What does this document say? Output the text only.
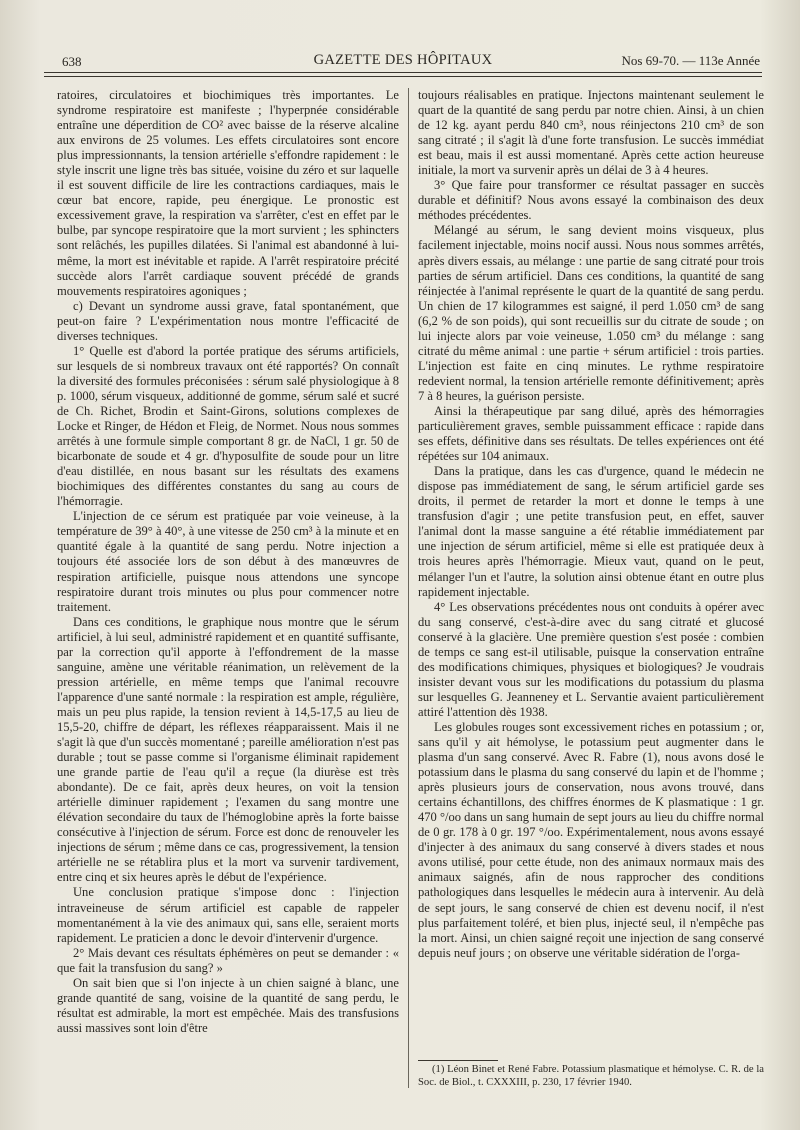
638	GAZETTE DES HÔPITAUX	Nos 69-70. — 113e Année

ratoires, circulatoires et biochimiques très importantes. Le syndrome respiratoire est manifeste ; l'hyperpnée considérable entraîne une déperdition de CO² avec baisse de la réserve alcaline aux environs de 25 volumes. Les effets circulatoires sont encore plus impressionnants, la tension artérielle s'effondre rapidement : le style inscrit une ligne très bas située, voisine du zéro et sur laquelle il est souvent difficile de lire les contractions cardiaques, mais le cœur bat encore, rapide, peu énergique. Le pronostic est excessivement grave, la respiration va s'arrêter, c'est en effet par le bulbe, par syncope respiratoire que la mort survient ; les sphincters sont relâchés, les pupilles dilatées. Si l'animal est abandonné à lui-même, la mort est inévitable et rapide. A l'arrêt respiratoire précité succède alors l'arrêt cardiaque souvent précédé de grands mouvements respiratoires agoniques ;

c) Devant un syndrome aussi grave, fatal spontanément, que peut-on faire ? L'expérimentation nous montre l'efficacité de diverses techniques.

1° Quelle est d'abord la portée pratique des sérums artificiels, sur lesquels de si nombreux travaux ont été rapportés? On connaît la diversité des formules préconisées : sérum salé physiologique à 8 p. 1000, sérum visqueux, additionné de gomme, sérum salé et sucré de Ch. Richet, Brodin et Saint-Girons, solutions complexes de Locke et Ringer, de Hédon et Fleig, de Normet. Nous nous sommes arrêtés à une formule simple comportant 8 gr. de NaCl, 1 gr. 50 de bicarbonate de soude et 4 gr. d'hyposulfite de soude pour un litre d'eau distillée, en nous basant sur les résultats des examens biochimiques des différentes constantes du sang au cours de l'hémorragie.

L'injection de ce sérum est pratiquée par voie veineuse, à la température de 39° à 40°, à une vitesse de 250 cm³ à la minute et en quantité égale à la quantité de sang perdu. Notre injection a toujours été associée lors de son début à des manœuvres de respiration artificielle, puisque nous attendons une syncope respiratoire durant trois minutes ou plus pour commencer notre traitement.

Dans ces conditions, le graphique nous montre que le sérum artificiel, à lui seul, administré rapidement et en quantité suffisante, par la correction qu'il apporte à l'effondrement de la masse sanguine, amène une véritable réanimation, un relèvement de la pression artérielle, en même temps que l'animal recouvre l'apparence d'une santé normale : la respiration est ample, régulière, mais un peu plus rapide, la tension revient à 14,5-17,5 au lieu de 15,5-20, chiffre de départ, les réflexes réapparaissent. Mais il ne s'agit là que d'un succès momentané ; pareille amélioration n'est pas durable ; tout se passe comme si l'organisme éliminait rapidement une grande partie de l'eau qu'il a reçue (la diurèse est très abondante). De ce fait, après deux heures, on voit la tension artérielle diminuer rapidement ; l'examen du sang montre une élévation secondaire du taux de l'hémoglobine après la forte baisse consécutive à l'injection de sérum. Force est donc de renouveler les injections de sérum ; même dans ce cas, progressivement, la tension artérielle ne se rétablira plus et la mort va survenir tardivement, entre cinq et six heures après le début de l'expérience.

Une conclusion pratique s'impose donc : l'injection intraveineuse de sérum artificiel est capable de rappeler momentanément à la vie des animaux qui, sans elle, seraient morts rapidement. Le praticien a donc le devoir d'intervenir d'urgence.

2° Mais devant ces résultats éphémères on peut se demander : « que fait la transfusion du sang? »

On sait bien que si l'on injecte à un chien saigné à blanc, une grande quantité de sang, voisine de la quantité de sang perdu, le résultat est admirable, la mort est empêchée. Mais des transfusions aussi massives sont loin d'être

toujours réalisables en pratique. Injectons maintenant seulement le quart de la quantité de sang perdu par notre chien. Ainsi, à un chien de 12 kg. ayant perdu 840 cm³, nous réinjectons 210 cm³ de son sang citraté ; il s'agit là d'une forte transfusion. Le succès immédiat est beau, mais il est aussi momentané. Après cette action heureuse initiale, la mort va survenir après un délai de 3 à 4 heures.

3° Que faire pour transformer ce résultat passager en succès durable et définitif? Nous avons essayé la combinaison des deux méthodes précédentes.

Mélangé au sérum, le sang devient moins visqueux, plus facilement injectable, moins nocif aussi. Nous nous sommes arrêtés, après divers essais, au mélange : une partie de sang citraté pour trois parties de sérum artificiel. Dans ces conditions, la quantité de sang réinjectée à l'animal représente le quart de la quantité de sang perdu. Un chien de 17 kilogrammes est saigné, il perd 1.050 cm³ de sang (6,2 % de son poids), qui sont recueillis sur du citrate de soude ; on lui injecte alors par voie veineuse, 1.050 cm³ du mélange : sang citraté du même animal : une partie + sérum artificiel : trois parties. L'injection est faite en cinq minutes. Le rythme respiratoire redevient normal, la tension artérielle remonte définitivement; après 7 à 8 heures, la guérison persiste.

Ainsi la thérapeutique par sang dilué, après des hémorragies particulièrement graves, semble puissamment efficace : rapide dans ses effets, définitive dans ses résultats. De telles expériences ont été répétées sur 104 animaux.

Dans la pratique, dans les cas d'urgence, quand le médecin ne dispose pas immédiatement de sang, le sérum artificiel garde ses droits, il permet de retarder la mort et donne le temps à une transfusion d'agir ; une petite transfusion peut, en effet, sauver l'animal dont la masse sanguine a été rétablie immédiatement par une injection de sérum artificiel, même si elle est pratiquée deux à trois heures après l'hémorragie. Mieux vaut, quand on le peut, mélanger l'un et l'autre, la solution ainsi obtenue étant en outre plus rapidement injectable.

4° Les observations précédentes nous ont conduits à opérer avec du sang conservé, c'est-à-dire avec du sang citraté et glucosé conservé à la glacière. Une première question s'est posée : combien de temps ce sang est-il utilisable, puisque la conservation entraîne des modifications chimiques, physiques et biologiques? Je voudrais insister devant vous sur les modifications du potassium du plasma sur lesquelles G. Jeanneney et L. Servantie avaient particulièrement attiré l'attention dès 1938.

Les globules rouges sont excessivement riches en potassium ; or, sans qu'il y ait hémolyse, le potassium peut augmenter dans le plasma d'un sang conservé. Avec R. Fabre (1), nous avons dosé le potassium dans le plasma du sang conservé du lapin et de l'homme ; après plusieurs jours de conservation, nous avons trouvé, dans certains échantillons, des chiffres énormes de K plasmatique : 1 gr. 470 °/oo dans un sang humain de sept jours au lieu du chiffre normal de 0 gr. 178 à 0 gr. 197 °/oo. Expérimentalement, nous avons essayé d'injecter à des animaux du sang conservé à divers stades et nous avons utilisé, pour cette étude, non des animaux normaux mais des animaux saignés, afin de nous rapprocher des conditions pathologiques dans lesquelles le médecin aura à intervenir. Au delà de sept jours, le sang conservé de chien est devenu nocif, il n'est plus parfaitement toléré, et bien plus, injecté seul, il n'empêche pas la mort. Ainsi, un chien saigné reçoit une injection de sang conservé depuis neuf jours ; on observe une véritable sidération de l'orga-

(1) Léon Binet et René Fabre. Potassium plasmatique et hémolyse. C. R. de la Soc. de Biol., t. CXXXIII, p. 230, 17 février 1940.
